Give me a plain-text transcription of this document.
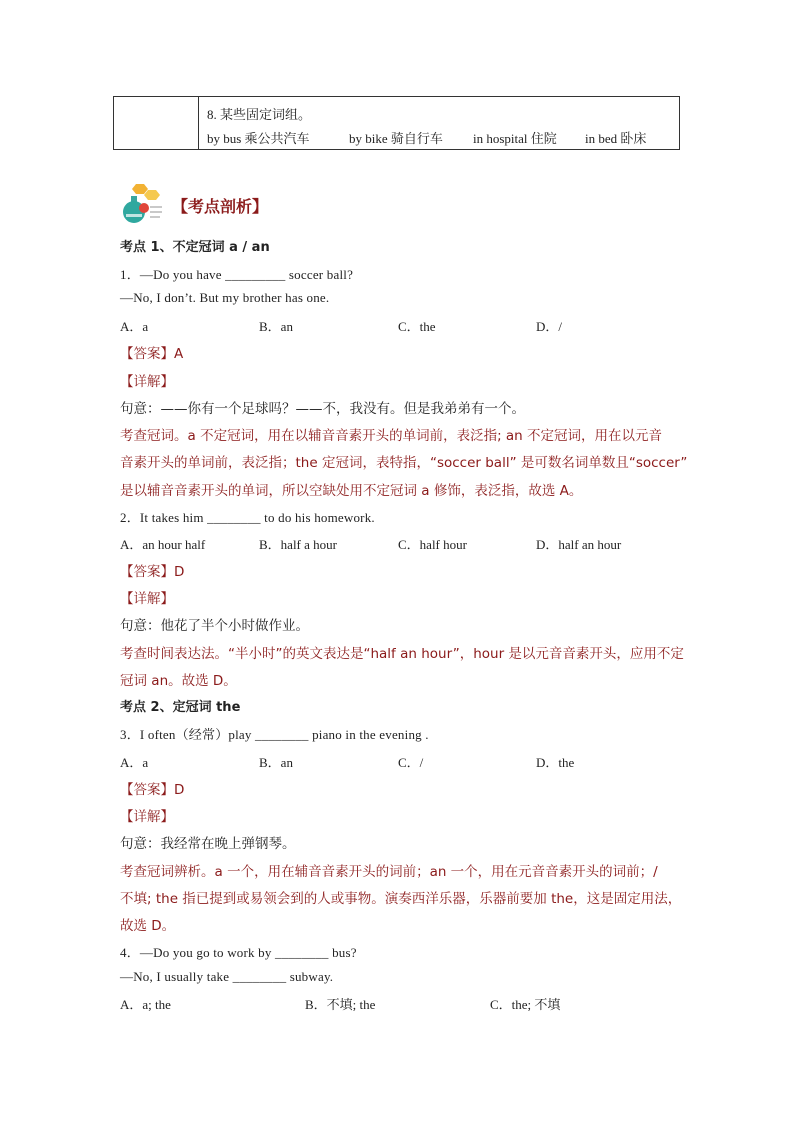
8. 某些固定词组。
by bus 乘公共汽车	by bike 骑自行车 in hospital 住院 in bed 卧床
【考点剖析】
考点 1、不定冠词 a / an
1．—Do you have _________ soccer ball?
—No, I don’t. But my brother has one.
A．a	B．an	C．the	D．/
【答案】A
【详解】
句意：——你有一个足球吗？——不，我没有。但是我弟弟有一个。
考查冠词。a 不定冠词，用在以辅音音素开头的单词前，表泛指; an 不定冠词，用在以元音
音素开头的单词前，表泛指；the 定冠词，表特指，“soccer ball” 是可数名词单数且“soccer”
是以辅音音素开头的单词，所以空缺处用不定冠词 a 修饰，表泛指，故选 A。
2．It takes him ________ to do his homework.
A．an hour half	B．half a hour	C．half hour	D．half an hour
【答案】D
【详解】
句意：他花了半个小时做作业。
考查时间表达法。“半小时”的英文表达是“half an hour”，hour 是以元音音素开头，应用不定
冠词 an。故选 D。
考点 2、定冠词 the
3．I often（经常）play ________ piano in the evening .
A．a	B．an	C．/	D．the
【答案】D
【详解】
句意：我经常在晚上弹钢琴。
考查冠词辨析。a 一个，用在辅音音素开头的词前；an 一个，用在元音音素开头的词前；/
不填; the 指已提到或易领会到的人或事物。演奏西洋乐器，乐器前要加 the，这是固定用法，
故选 D。
4．—Do you go to work by ________ bus?
—No, I usually take ________ subway.
A．a; the	B．不填; the	C．the; 不填
